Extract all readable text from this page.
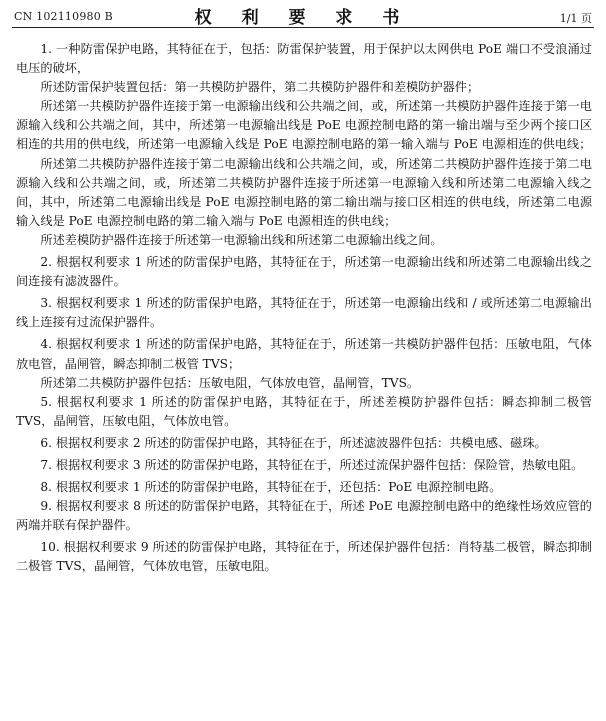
CN 102110980 B	权 利 要 求 书	1/1 页

1. 一种防雷保护电路，其特征在于，包括：防雷保护装置，用于保护以太网供电 PoE 端口不受浪涌过电压的破坏，

所述防雷保护装置包括：第一共模防护器件，第二共模防护器件和差模防护器件；

所述第一共模防护器件连接于第一电源输出线和公共端之间，或，所述第一共模防护器件连接于第一电源输入线和公共端之间，其中，所述第一电源输出线是 PoE 电源控制电路的第一输出端与至少两个接口区相连的共用的供电线，所述第一电源输入线是 PoE 电源控制电路的第一输入端与 PoE 电源相连的供电线；

所述第二共模防护器件连接于第二电源输出线和公共端之间，或，所述第二共模防护器件连接于第二电源输入线和公共端之间，或，所述第二共模防护器件连接于所述第一电源输入线和所述第二电源输入线之间，其中，所述第二电源输出线是 PoE 电源控制电路的第二输出端与接口区相连的供电线，所述第二电源输入线是 PoE 电源控制电路的第二输入端与 PoE 电源相连的供电线；

所述差模防护器件连接于所述第一电源输出线和所述第二电源输出线之间。

2. 根据权利要求 1 所述的防雷保护电路，其特征在于，所述第一电源输出线和所述第二电源输出线之间连接有滤波器件。

3. 根据权利要求 1 所述的防雷保护电路，其特征在于，所述第一电源输出线和 / 或所述第二电源输出线上连接有过流保护器件。

4. 根据权利要求 1 所述的防雷保护电路，其特征在于，所述第一共模防护器件包括：压敏电阻，气体放电管，晶闸管，瞬态抑制二极管 TVS；

所述第二共模防护器件包括：压敏电阻，气体放电管，晶闸管，TVS。

5. 根据权利要求 1 所述的防雷保护电路，其特征在于，所述差模防护器件包括：瞬态抑制二极管 TVS，晶闸管，压敏电阻，气体放电管。

6. 根据权利要求 2 所述的防雷保护电路，其特征在于，所述滤波器件包括：共模电感、磁珠。

7. 根据权利要求 3 所述的防雷保护电路，其特征在于，所述过流保护器件包括：保险管，热敏电阻。

8. 根据权利要求 1 所述的防雷保护电路，其特征在于，还包括：PoE 电源控制电路。

9. 根据权利要求 8 所述的防雷保护电路，其特征在于，所述 PoE 电源控制电路中的绝缘性场效应管的两端并联有保护器件。

10. 根据权利要求 9 所述的防雷保护电路，其特征在于，所述保护器件包括：肖特基二极管，瞬态抑制二极管 TVS，晶闸管，气体放电管，压敏电阻。
